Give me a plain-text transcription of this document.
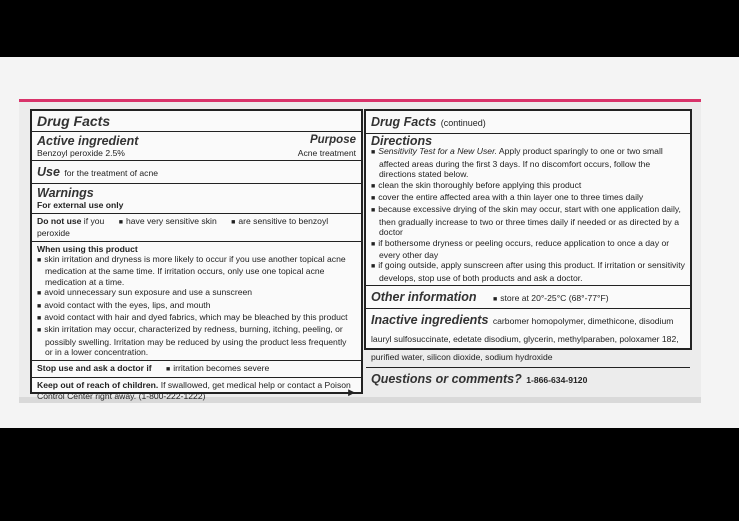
Drug Facts
Active ingredient	Purpose
Benzoyl peroxide 2.5%	Acne treatment
Use for the treatment of acne
Warnings
For external use only
Do not use if you	■ have very sensitive skin	■ are sensitive to benzoyl peroxide
When using this product
■ skin irritation and dryness is more likely to occur if you use another topical acne medication at the same time. If irritation occurs, only use one topical acne medication at a time.
■ avoid unnecessary sun exposure and use a sunscreen
■ avoid contact with the eyes, lips, and mouth
■ avoid contact with hair and dyed fabrics, which may be bleached by this product
■ skin irritation may occur, characterized by redness, burning, itching, peeling, or possibly swelling. Irritation may be reduced by using the product less frequently or in a lower concentration.
Stop use and ask a doctor if	■ irritation becomes severe
Keep out of reach of children. If swallowed, get medical help or contact a Poison Control Center right away. (1-800-222-1222)	▶
Drug Facts (continued)
Directions
■ Sensitivity Test for a New User. Apply product sparingly to one or two small affected areas during the first 3 days. If no discomfort occurs, follow the directions stated below.
■ clean the skin thoroughly before applying this product
■ cover the entire affected area with a thin layer one to three times daily
■ because excessive drying of the skin may occur, start with one application daily, then gradually increase to two or three times daily if needed or as directed by a doctor
■ if bothersome dryness or peeling occurs, reduce application to once a day or every other day
■ if going outside, apply sunscreen after using this product. If irritation or sensitivity develops, stop use of both products and ask a doctor.
Other information	■ store at 20°-25°C (68°-77°F)
Inactive ingredients carbomer homopolymer, dimethicone, disodium lauryl sulfosuccinate, edetate disodium, glycerin, methylparaben, poloxamer 182, purified water, silicon dioxide, sodium hydroxide
Questions or comments? 1-866-634-9120
